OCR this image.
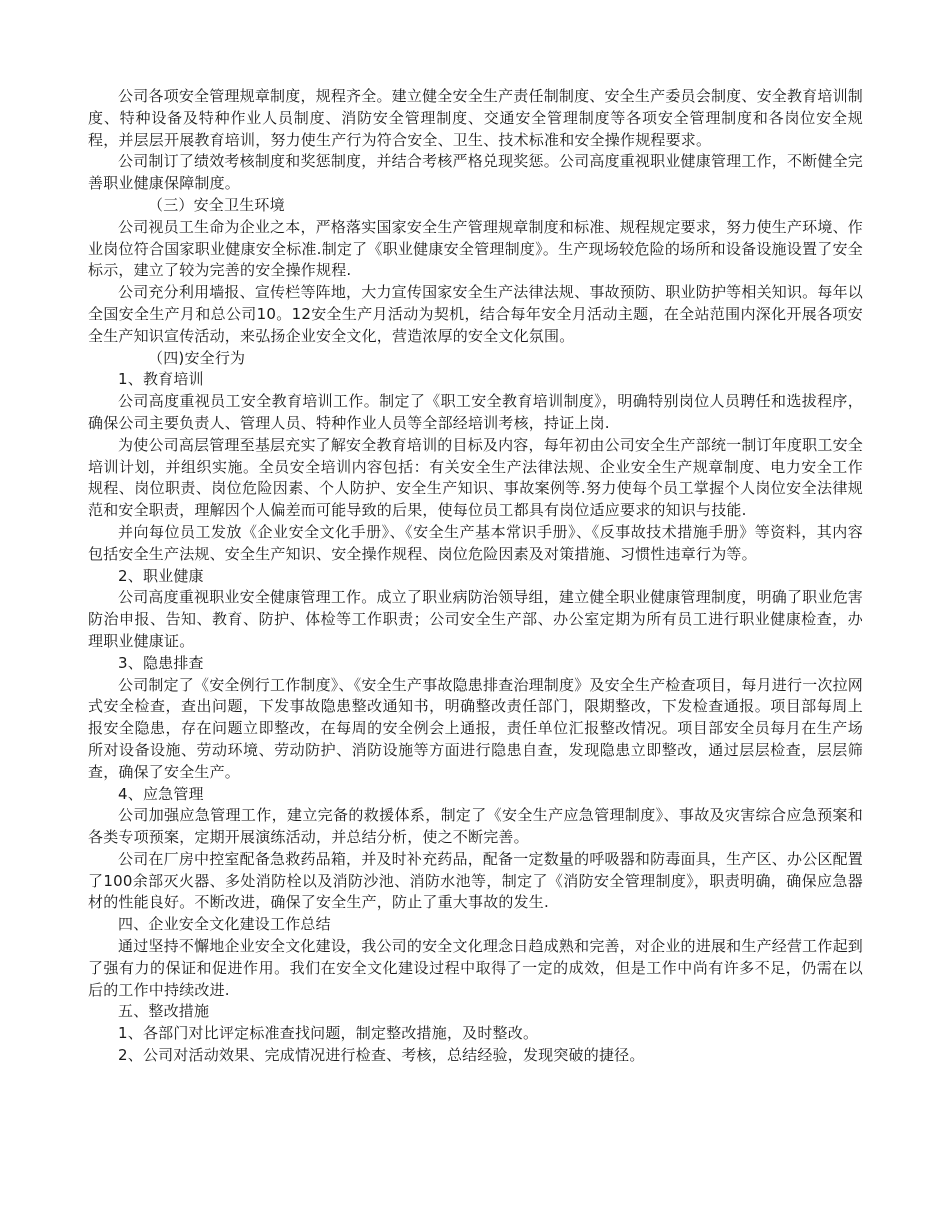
公司各项安全管理规章制度，规程齐全。建立健全安全生产责任制制度、安全生产委员会制度、安全教育培训制度、特种设备及特种作业人员制度、消防安全管理制度、交通安全管理制度等各项安全管理制度和各岗位安全规程，并层层开展教育培训，努力使生产行为符合安全、卫生、技术标准和安全操作规程要求。

公司制订了绩效考核制度和奖惩制度，并结合考核严格兑现奖惩。公司高度重视职业健康管理工作，不断健全完善职业健康保障制度。

（三）安全卫生环境

公司视员工生命为企业之本，严格落实国家安全生产管理规章制度和标准、规程规定要求，努力使生产环境、作业岗位符合国家职业健康安全标准.制定了《职业健康安全管理制度》。生产现场较危险的场所和设备设施设置了安全标示，建立了较为完善的安全操作规程.

公司充分利用墙报、宣传栏等阵地，大力宣传国家安全生产法律法规、事故预防、职业防护等相关知识。每年以全国安全生产月和总公司10。12安全生产月活动为契机，结合每年安全月活动主题，在全站范围内深化开展各项安全生产知识宣传活动，来弘扬企业安全文化，营造浓厚的安全文化氛围。

（四)安全行为

1、教育培训

公司高度重视员工安全教育培训工作。制定了《职工安全教育培训制度》，明确特别岗位人员聘任和选拔程序，确保公司主要负责人、管理人员、特种作业人员等全部经培训考核，持证上岗.

为使公司高层管理至基层充实了解安全教育培训的目标及内容，每年初由公司安全生产部统一制订年度职工安全培训计划，并组织实施。全员安全培训内容包括：有关安全生产法律法规、企业安全生产规章制度、电力安全工作规程、岗位职责、岗位危险因素、个人防护、安全生产知识、事故案例等.努力使每个员工掌握个人岗位安全法律规范和安全职责，理解因个人偏差而可能导致的后果，使每位员工都具有岗位适应要求的知识与技能.

并向每位员工发放《企业安全文化手册》、《安全生产基本常识手册》、《反事故技术措施手册》等资料，其内容包括安全生产法规、安全生产知识、安全操作规程、岗位危险因素及对策措施、习惯性违章行为等。

2、职业健康

公司高度重视职业安全健康管理工作。成立了职业病防治领导组，建立健全职业健康管理制度，明确了职业危害防治申报、告知、教育、防护、体检等工作职责；公司安全生产部、办公室定期为所有员工进行职业健康检查，办理职业健康证。

3、隐患排查

公司制定了《安全例行工作制度》、《安全生产事故隐患排查治理制度》及安全生产检查项目，每月进行一次拉网式安全检查，查出问题，下发事故隐患整改通知书，明确整改责任部门，限期整改，下发检查通报。项目部每周上报安全隐患，存在问题立即整改，在每周的安全例会上通报，责任单位汇报整改情况。项目部安全员每月在生产场所对设备设施、劳动环境、劳动防护、消防设施等方面进行隐患自查，发现隐患立即整改，通过层层检查，层层筛查，确保了安全生产。

4、应急管理

公司加强应急管理工作，建立完备的救援体系，制定了《安全生产应急管理制度》、事故及灾害综合应急预案和各类专项预案，定期开展演练活动，并总结分析，使之不断完善。

公司在厂房中控室配备急救药品箱，并及时补充药品，配备一定数量的呼吸器和防毒面具，生产区、办公区配置了100余部灭火器、多处消防栓以及消防沙池、消防水池等，制定了《消防安全管理制度》，职责明确，确保应急器材的性能良好。不断改进，确保了安全生产，防止了重大事故的发生.

四、企业安全文化建设工作总结

通过坚持不懈地企业安全文化建设，我公司的安全文化理念日趋成熟和完善，对企业的进展和生产经营工作起到了强有力的保证和促进作用。我们在安全文化建设过程中取得了一定的成效，但是工作中尚有许多不足，仍需在以后的工作中持续改进.

五、整改措施

1、各部门对比评定标准查找问题，制定整改措施，及时整改。

2、公司对活动效果、完成情况进行检查、考核，总结经验，发现突破的捷径。
